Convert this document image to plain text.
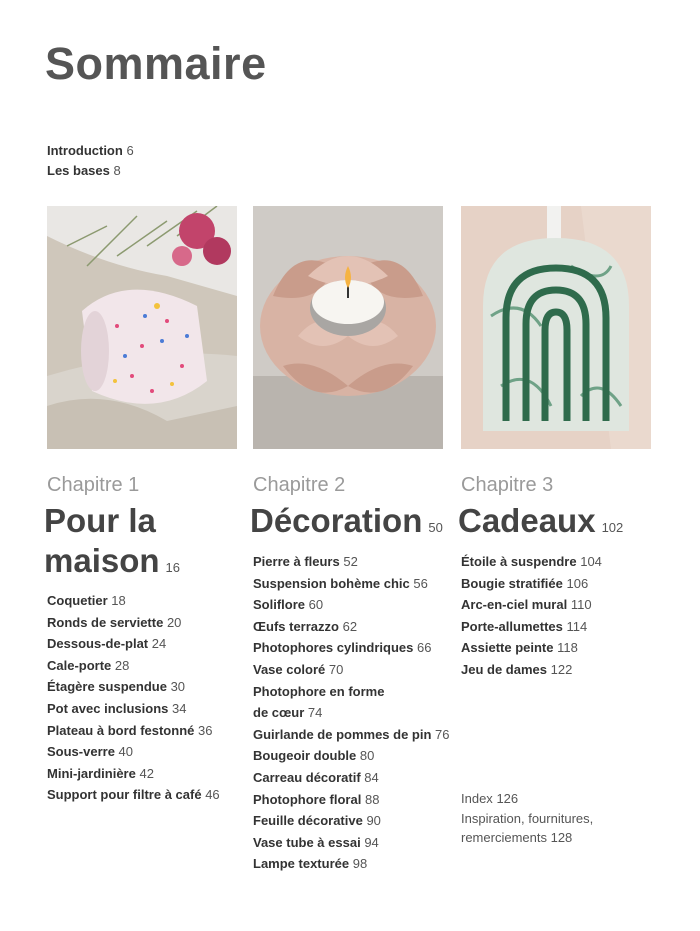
Sommaire
Introduction 6
Les bases 8
Chapitre 1
Pour la
maison 16
Coquetier 18
Ronds de serviette 20
Dessous-de-plat 24
Cale-porte 28
Étagère suspendue 30
Pot avec inclusions 34
Plateau à bord festonné 36
Sous-verre 40
Mini-jardinière 42
Support pour filtre à café 46
Chapitre 2
Décoration 50
Pierre à fleurs 52
Suspension bohème chic 56
Soliflore 60
Œufs terrazzo 62
Photophores cylindriques 66
Vase coloré 70
Photophore en forme
de cœur 74
Guirlande de pommes de pin 76
Bougeoir double 80
Carreau décoratif 84
Photophore floral 88
Feuille décorative 90
Vase tube à essai 94
Lampe texturée 98
Chapitre 3
Cadeaux 102
Étoile à suspendre 104
Bougie stratifiée 106
Arc-en-ciel mural 110
Porte-allumettes 114
Assiette peinte 118
Jeu de dames 122
Index 126
Inspiration, fournitures,
remerciements 128
